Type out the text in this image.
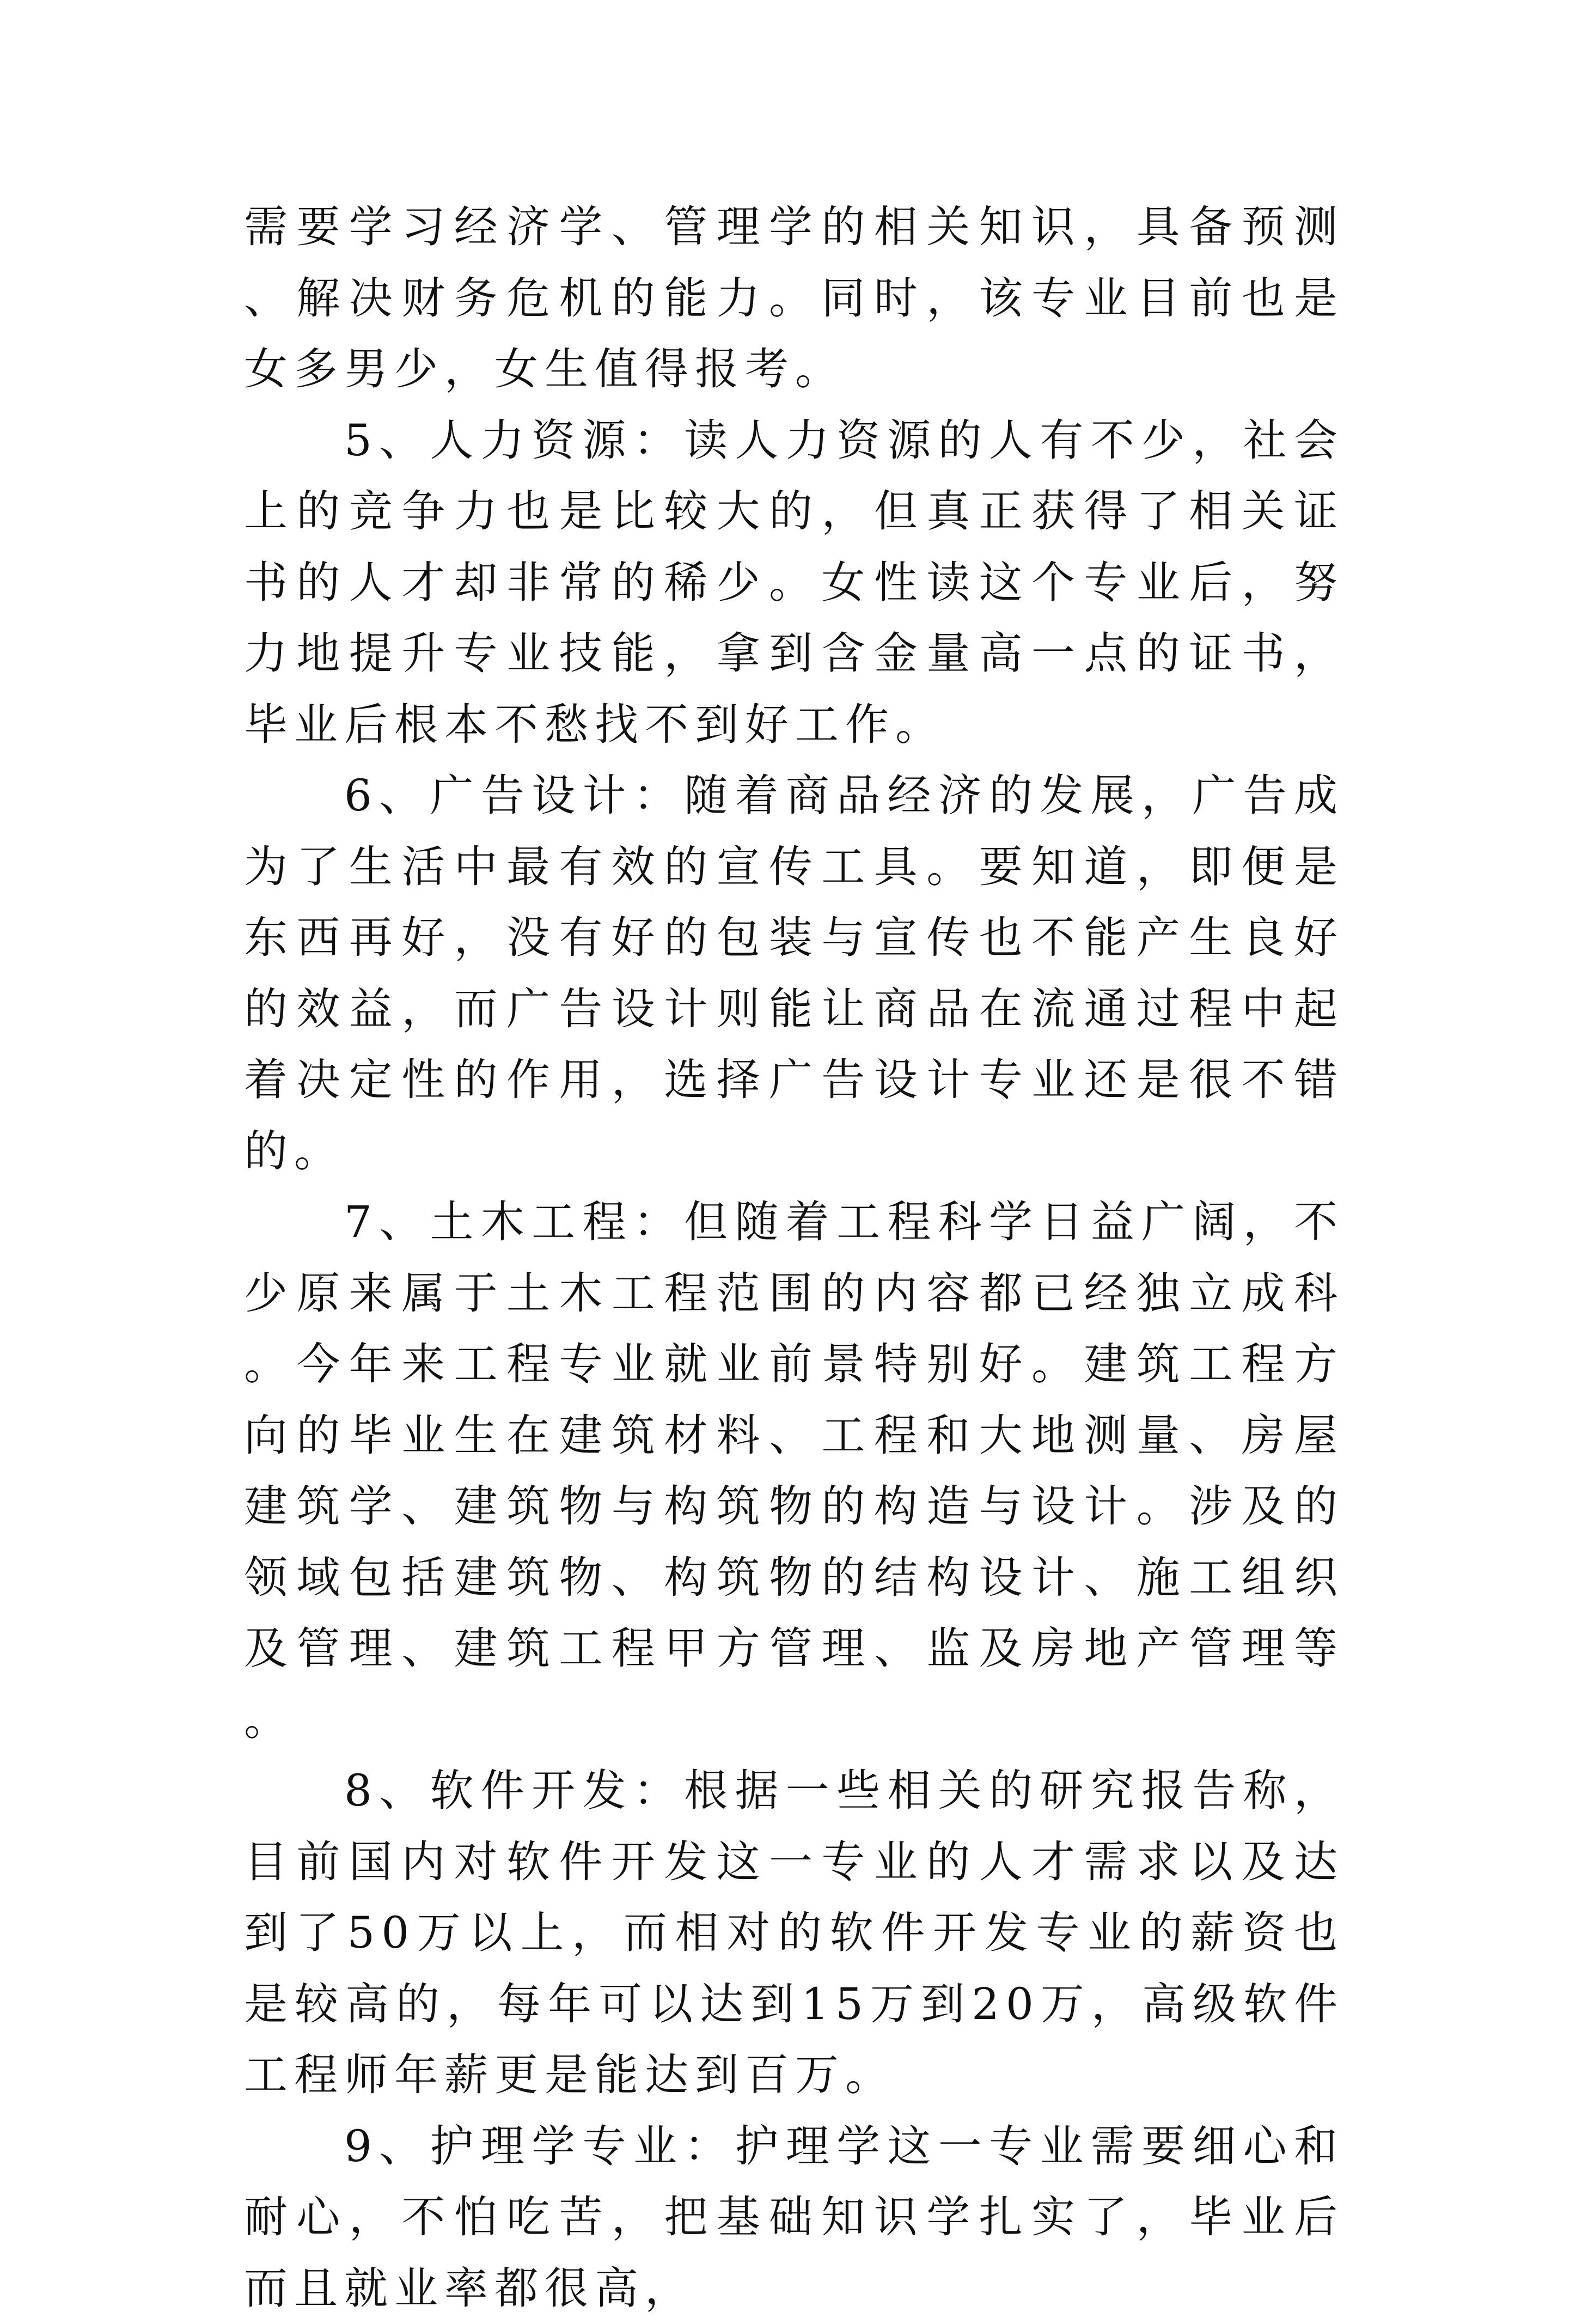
需要学习经济学、管理学的相关知识，具备预测、解决财务危机的能力。同时，该专业目前也是女多男少，女生值得报考。

5、人力资源：读人力资源的人有不少，社会上的竞争力也是比较大的，但真正获得了相关证书的人才却非常的稀少。女性读这个专业后，努力地提升专业技能，拿到含金量高一点的证书，毕业后根本不愁找不到好工作。

6、广告设计：随着商品经济的发展，广告成为了生活中最有效的宣传工具。要知道，即便是东西再好，没有好的包装与宣传也不能产生良好的效益，而广告设计则能让商品在流通过程中起着决定性的作用，选择广告设计专业还是很不错的。

7、土木工程：但随着工程科学日益广阔，不少原来属于土木工程范围的内容都已经独立成科。今年来工程专业就业前景特别好。建筑工程方向的毕业生在建筑材料、工程和大地测量、房屋建筑学、建筑物与构筑物的构造与设计。涉及的领域包括建筑物、构筑物的结构设计、施工组织及管理、建筑工程甲方管理、监及房地产管理等。

8、软件开发：根据一些相关的研究报告称，目前国内对软件开发这一专业的人才需求以及达到了50万以上，而相对的软件开发专业的薪资也是较高的，每年可以达到15万到20万，高级软件工程师年薪更是能达到百万。

9、护理学专业：护理学这一专业需要细心和耐心，不怕吃苦，把基础知识学扎实了，毕业后而且就业率都很高，
